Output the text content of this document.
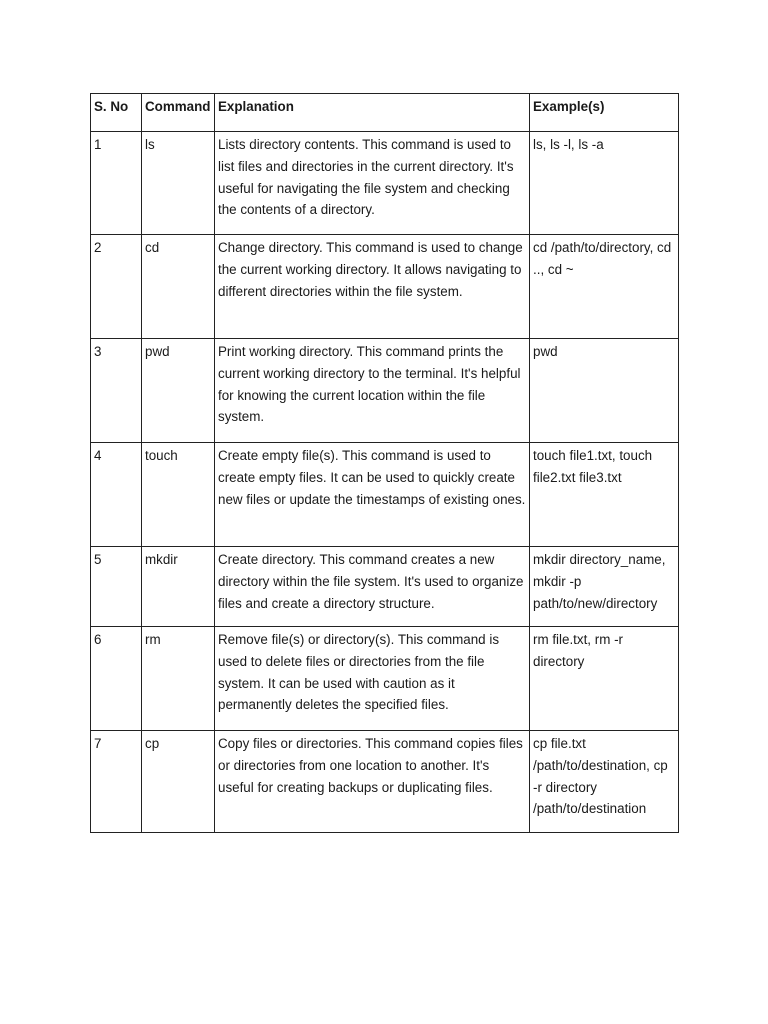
S. No	Command	Explanation	Example(s)
1	ls	Lists directory contents. This command is used to list files and directories in the current directory. It's useful for navigating the file system and checking the contents of a directory.	ls, ls -l, ls -a
2	cd	Change directory. This command is used to change the current working directory. It allows navigating to different directories within the file system.	cd /path/to/directory, cd .., cd ~
3	pwd	Print working directory. This command prints the current working directory to the terminal. It's helpful for knowing the current location within the file system.	pwd
4	touch	Create empty file(s). This command is used to create empty files. It can be used to quickly create new files or update the timestamps of existing ones.	touch file1.txt, touch file2.txt file3.txt
5	mkdir	Create directory. This command creates a new directory within the file system. It's used to organize files and create a directory structure.	mkdir directory_name, mkdir -p path/to/new/directory
6	rm	Remove file(s) or directory(s). This command is used to delete files or directories from the file system. It can be used with caution as it permanently deletes the specified files.	rm file.txt, rm -r directory
7	cp	Copy files or directories. This command copies files or directories from one location to another. It's useful for creating backups or duplicating files.	cp file.txt /path/to/destination, cp -r directory /path/to/destination
